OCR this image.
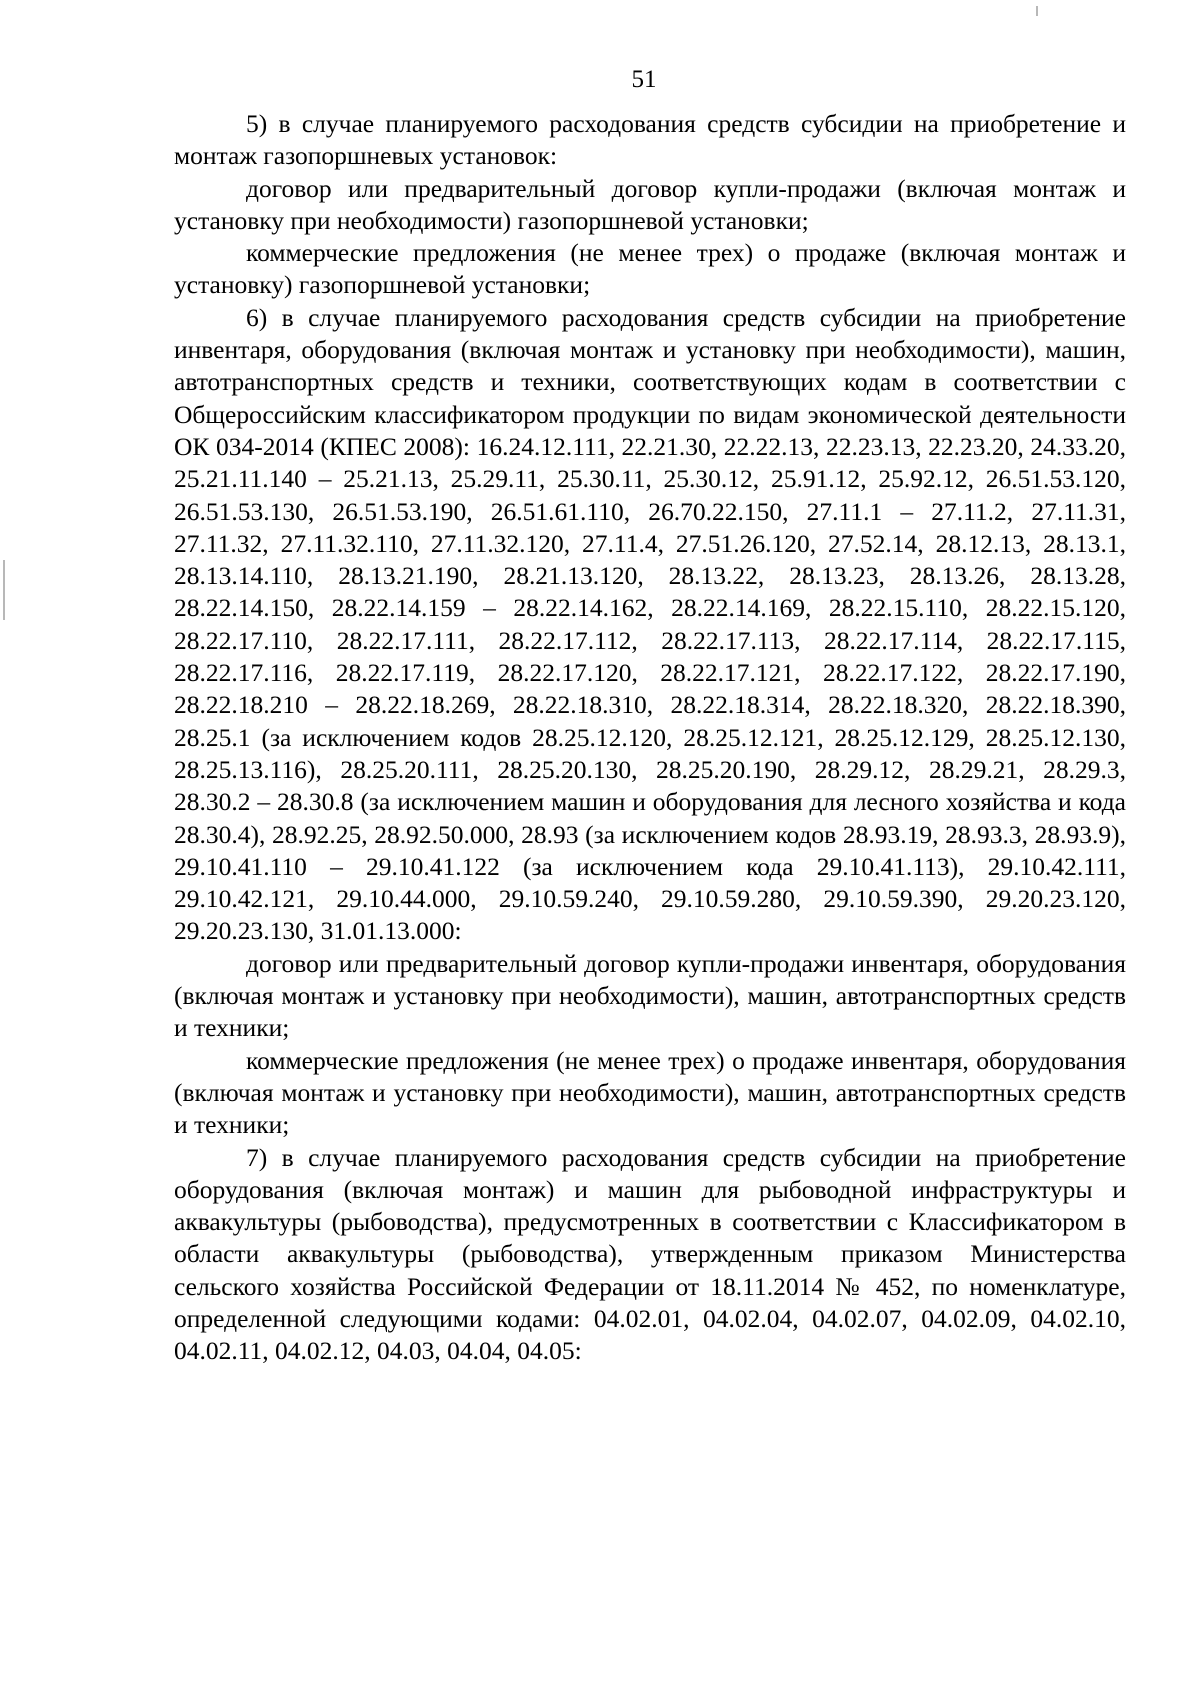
51

5) в случае планируемого расходования средств субсидии на приобретение и монтаж газопоршневых установок:

договор или предварительный договор купли-продажи (включая монтаж и установку при необходимости) газопоршневой установки;

коммерческие предложения (не менее трех) о продаже (включая монтаж и установку) газопоршневой установки;

6) в случае планируемого расходования средств субсидии на приобретение инвентаря, оборудования (включая монтаж и установку при необходимости), машин, автотранспортных средств и техники, соответствующих кодам в соответствии с Общероссийским классификатором продукции по видам экономической деятельности ОК 034-2014 (КПЕС 2008): 16.24.12.111, 22.21.30, 22.22.13, 22.23.13, 22.23.20, 24.33.20, 25.21.11.140 – 25.21.13, 25.29.11, 25.30.11, 25.30.12, 25.91.12, 25.92.12, 26.51.53.120, 26.51.53.130, 26.51.53.190, 26.51.61.110, 26.70.22.150, 27.11.1 – 27.11.2, 27.11.31, 27.11.32, 27.11.32.110, 27.11.32.120, 27.11.4, 27.51.26.120, 27.52.14, 28.12.13, 28.13.1, 28.13.14.110, 28.13.21.190, 28.21.13.120, 28.13.22, 28.13.23, 28.13.26, 28.13.28, 28.22.14.150, 28.22.14.159 – 28.22.14.162, 28.22.14.169, 28.22.15.110, 28.22.15.120, 28.22.17.110, 28.22.17.111, 28.22.17.112, 28.22.17.113, 28.22.17.114, 28.22.17.115, 28.22.17.116, 28.22.17.119, 28.22.17.120, 28.22.17.121, 28.22.17.122, 28.22.17.190, 28.22.18.210 – 28.22.18.269, 28.22.18.310, 28.22.18.314, 28.22.18.320, 28.22.18.390, 28.25.1 (за исключением кодов 28.25.12.120, 28.25.12.121, 28.25.12.129, 28.25.12.130, 28.25.13.116), 28.25.20.111, 28.25.20.130, 28.25.20.190, 28.29.12, 28.29.21, 28.29.3, 28.30.2 – 28.30.8 (за исключением машин и оборудования для лесного хозяйства и кода 28.30.4), 28.92.25, 28.92.50.000, 28.93 (за исключением кодов 28.93.19, 28.93.3, 28.93.9), 29.10.41.110 – 29.10.41.122 (за исключением кода 29.10.41.113), 29.10.42.111, 29.10.42.121, 29.10.44.000, 29.10.59.240, 29.10.59.280, 29.10.59.390, 29.20.23.120, 29.20.23.130, 31.01.13.000:

договор или предварительный договор купли-продажи инвентаря, оборудования (включая монтаж и установку при необходимости), машин, автотранспортных средств и техники;

коммерческие предложения (не менее трех) о продаже инвентаря, оборудования (включая монтаж и установку при необходимости), машин, автотранспортных средств и техники;

7) в случае планируемого расходования средств субсидии на приобретение оборудования (включая монтаж) и машин для рыбоводной инфраструктуры и аквакультуры (рыбоводства), предусмотренных в соответствии с Классификатором в области аквакультуры (рыбоводства), утвержденным приказом Министерства сельского хозяйства Российской Федерации от 18.11.2014 № 452, по номенклатуре, определенной следующими кодами: 04.02.01, 04.02.04, 04.02.07, 04.02.09, 04.02.10, 04.02.11, 04.02.12, 04.03, 04.04, 04.05:
